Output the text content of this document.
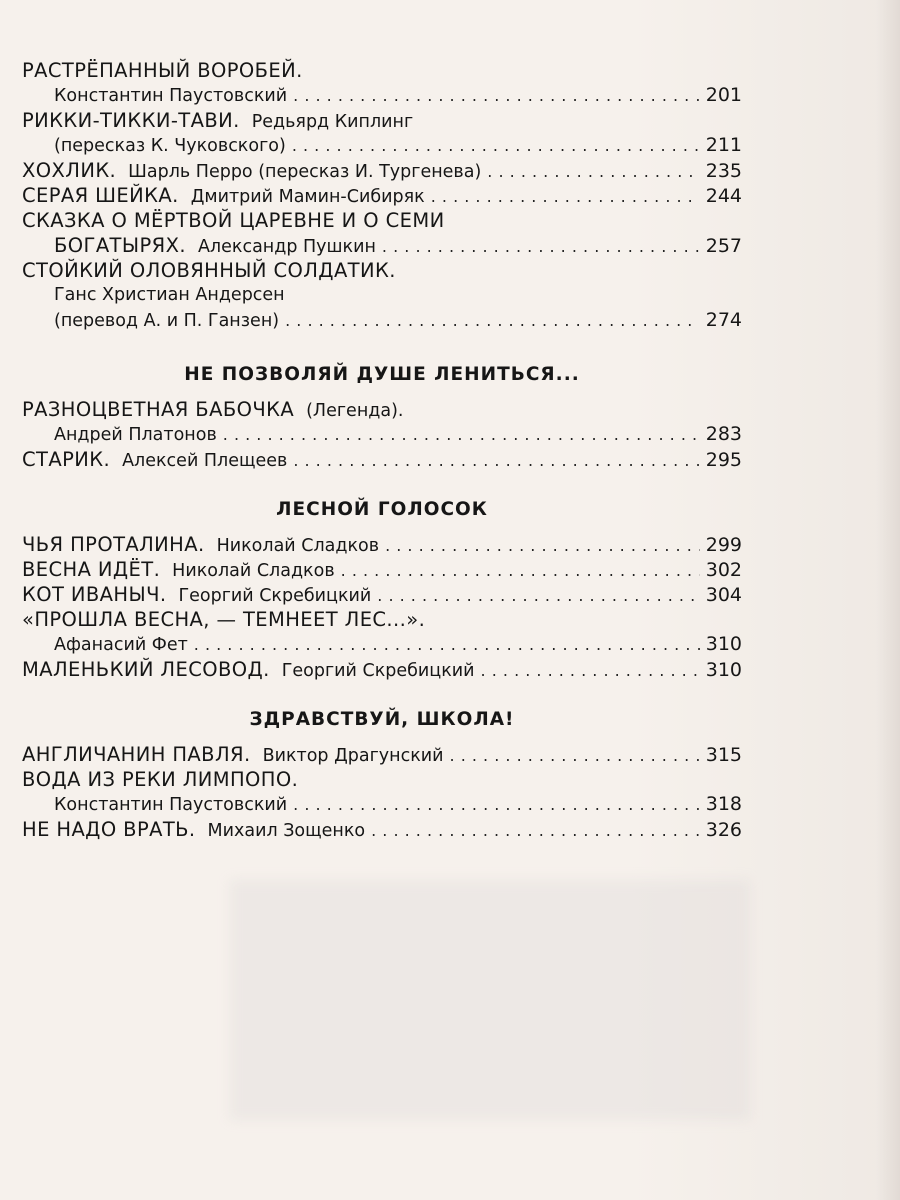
РАСТРЁПАННЫЙ ВОРОБЕЙ.
Константин Паустовский . . .	201
РИККИ-ТИККИ-ТАВИ. Редьярд Киплинг
(пересказ К. Чуковского) . . .	211
ХОХЛИК. Шарль Перро (пересказ И. Тургенева) . . .	235
СЕРАЯ ШЕЙКА. Дмитрий Мамин-Сибиряк . . .	244
СКАЗКА О МЁРТВОЙ ЦАРЕВНЕ И О СЕМИ
БОГАТЫРЯХ. Александр Пушкин . . .	257
СТОЙКИЙ ОЛОВЯННЫЙ СОЛДАТИК.
Ганс Христиан Андерсен
(перевод А. и П. Ганзен) . . .	274
НЕ ПОЗВОЛЯЙ ДУШЕ ЛЕНИТЬСЯ...
РАЗНОЦВЕТНАЯ БАБОЧКА (Легенда).
Андрей Платонов . . .	283
СТАРИК. Алексей Плещеев . . .	295
ЛЕСНОЙ ГОЛОСОК
ЧЬЯ ПРОТАЛИНА. Николай Сладков . . .	299
ВЕСНА ИДЁТ. Николай Сладков . . .	302
КОТ ИВАНЫЧ. Георгий Скребицкий . . .	304
«ПРОШЛА ВЕСНА, — ТЕМНЕЕТ ЛЕС...».
Афанасий Фет . . .	310
МАЛЕНЬКИЙ ЛЕСОВОД. Георгий Скребицкий . . .	310
ЗДРАВСТВУЙ, ШКОЛА!
АНГЛИЧАНИН ПАВЛЯ. Виктор Драгунский . . .	315
ВОДА ИЗ РЕКИ ЛИМПОПО.
Константин Паустовский . . .	318
НЕ НАДО ВРАТЬ. Михаил Зощенко . . .	326
